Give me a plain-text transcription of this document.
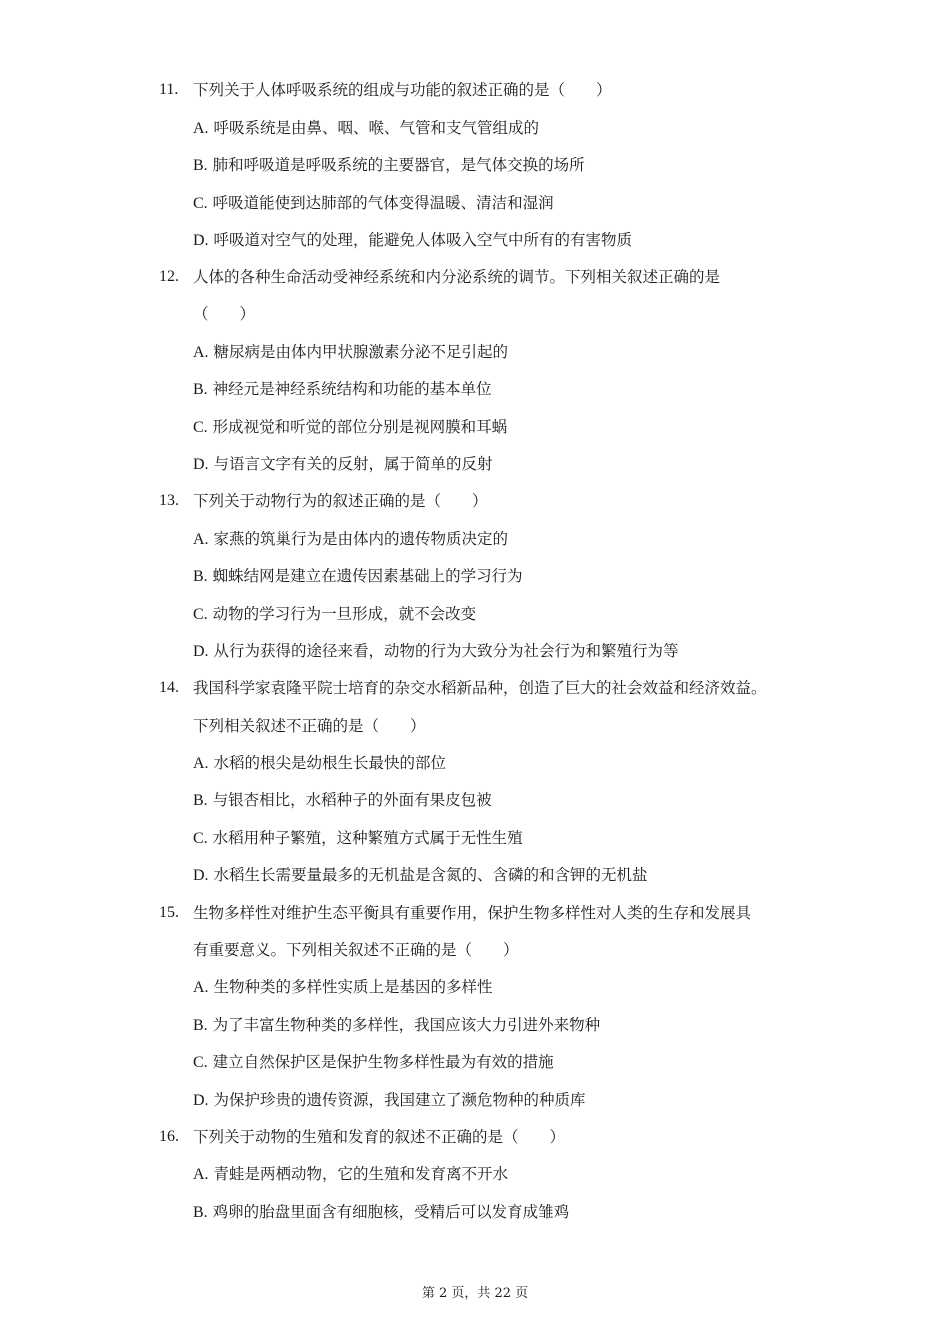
11. 下列关于人体呼吸系统的组成与功能的叙述正确的是（　　）
A. 呼吸系统是由鼻、咽、喉、气管和支气管组成的
B. 肺和呼吸道是呼吸系统的主要器官，是气体交换的场所
C. 呼吸道能使到达肺部的气体变得温暖、清洁和湿润
D. 呼吸道对空气的处理，能避免人体吸入空气中所有的有害物质
12. 人体的各种生命活动受神经系统和内分泌系统的调节。下列相关叙述正确的是
（　　）
A. 糖尿病是由体内甲状腺激素分泌不足引起的
B. 神经元是神经系统结构和功能的基本单位
C. 形成视觉和听觉的部位分别是视网膜和耳蜗
D. 与语言文字有关的反射，属于简单的反射
13. 下列关于动物行为的叙述正确的是（　　）
A. 家燕的筑巢行为是由体内的遗传物质决定的
B. 蜘蛛结网是建立在遗传因素基础上的学习行为
C. 动物的学习行为一旦形成，就不会改变
D. 从行为获得的途径来看，动物的行为大致分为社会行为和繁殖行为等
14. 我国科学家袁隆平院士培育的杂交水稻新品种，创造了巨大的社会效益和经济效益。
下列相关叙述不正确的是（　　）
A. 水稻的根尖是幼根生长最快的部位
B. 与银杏相比，水稻种子的外面有果皮包被
C. 水稻用种子繁殖，这种繁殖方式属于无性生殖
D. 水稻生长需要量最多的无机盐是含氮的、含磷的和含钾的无机盐
15. 生物多样性对维护生态平衡具有重要作用，保护生物多样性对人类的生存和发展具
有重要意义。下列相关叙述不正确的是（　　）
A. 生物种类的多样性实质上是基因的多样性
B. 为了丰富生物种类的多样性，我国应该大力引进外来物种
C. 建立自然保护区是保护生物多样性最为有效的措施
D. 为保护珍贵的遗传资源，我国建立了濒危物种的种质库
16. 下列关于动物的生殖和发育的叙述不正确的是（　　）
A. 青蛙是两栖动物，它的生殖和发育离不开水
B. 鸡卵的胎盘里面含有细胞核，受精后可以发育成雏鸡
第 2 页，共 22 页
